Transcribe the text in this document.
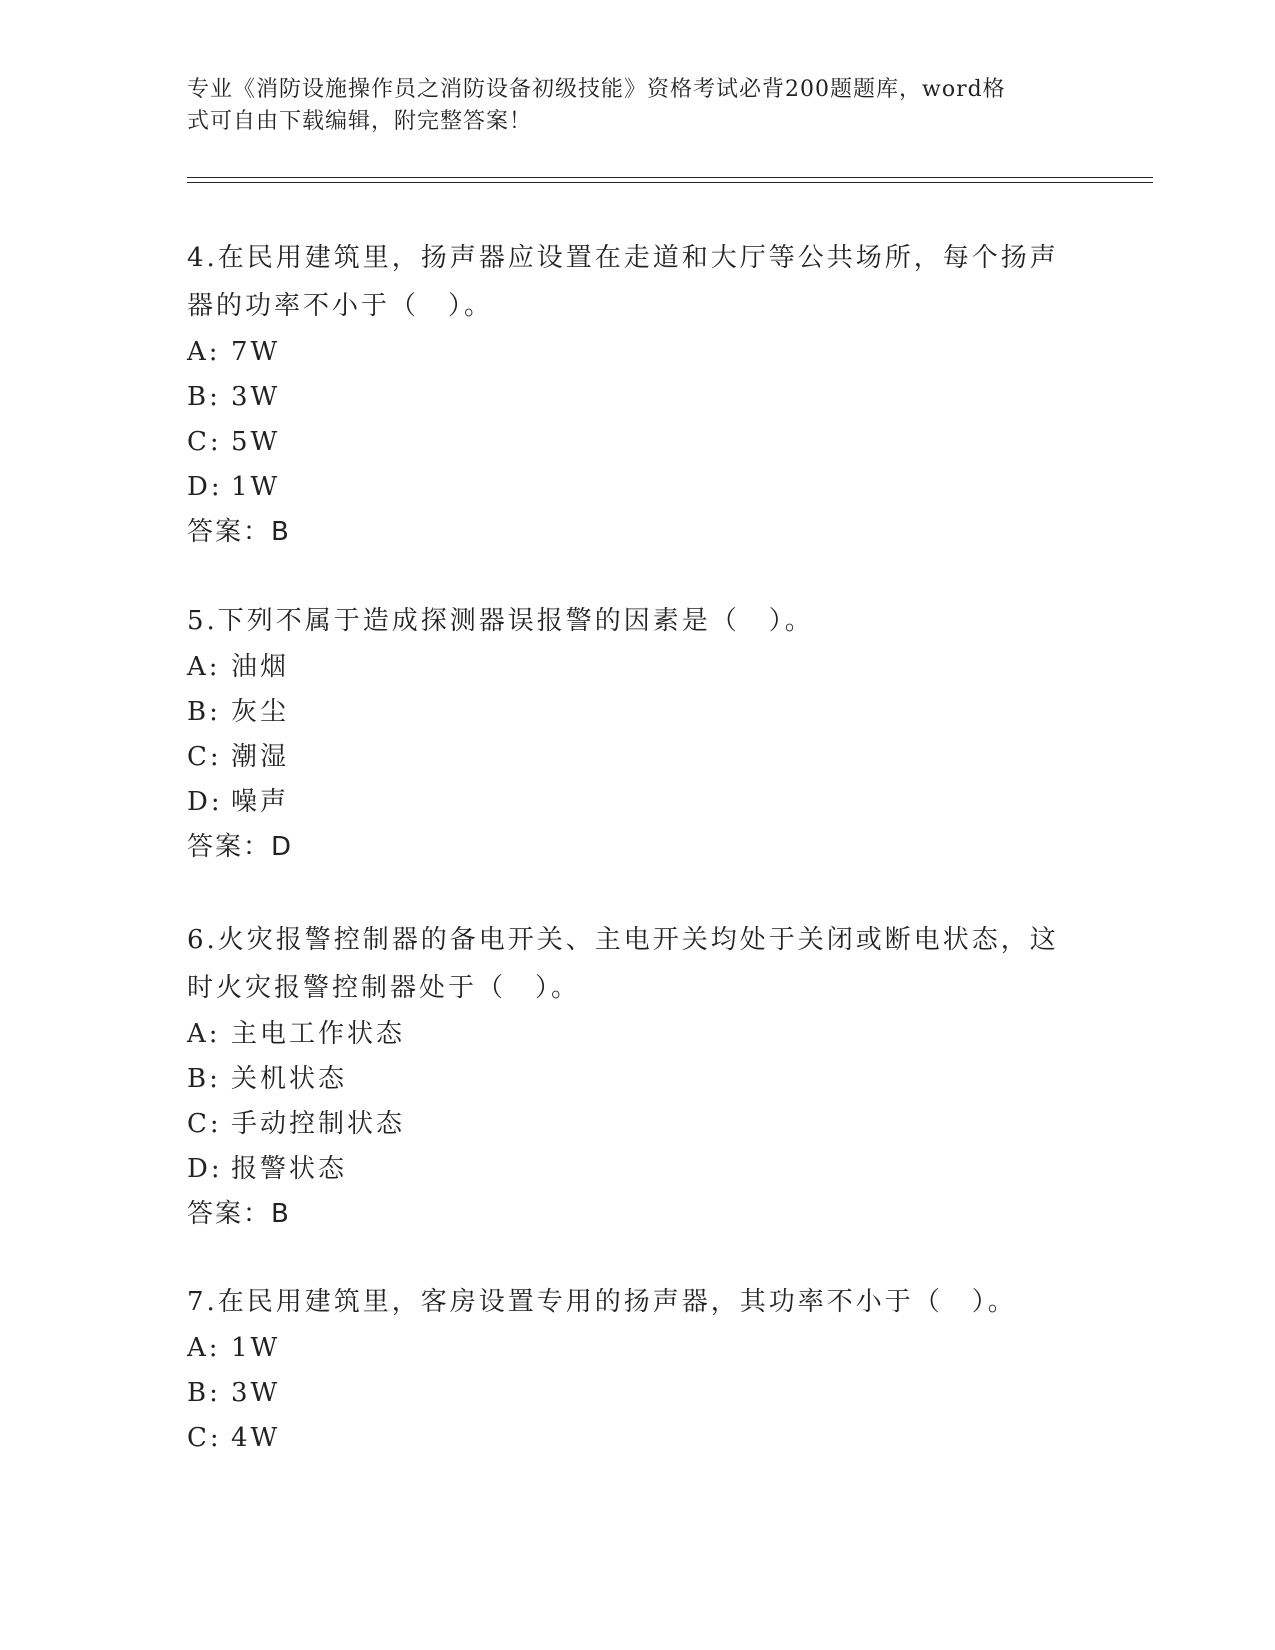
专业《消防设施操作员之消防设备初级技能》资格考试必背200题题库，word格
式可自由下载编辑，附完整答案！

4.在民用建筑里，扬声器应设置在走道和大厅等公共场所，每个扬声器的功率不小于（　）。

A: 7W
B: 3W
C: 5W
D: 1W
答案：B

5.下列不属于造成探测器误报警的因素是（　）。

A: 油烟
B: 灰尘
C: 潮湿
D: 噪声
答案：D

6.火灾报警控制器的备电开关、主电开关均处于关闭或断电状态，这时火灾报警控制器处于（　）。

A: 主电工作状态
B: 关机状态
C: 手动控制状态
D: 报警状态
答案：B

7.在民用建筑里，客房设置专用的扬声器，其功率不小于（　）。

A: 1W
B: 3W
C: 4W
